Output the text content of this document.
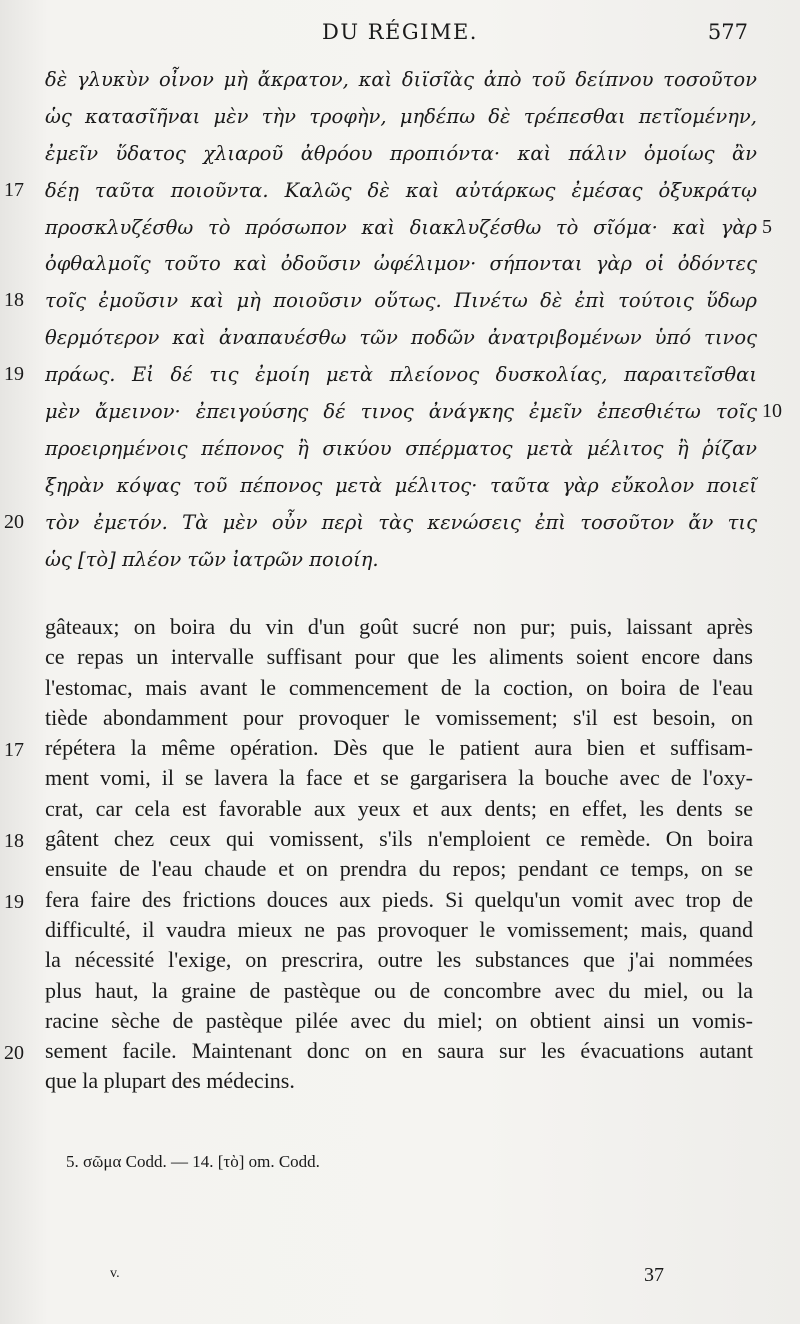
DU RÉGIME.	577
δὲ γλυκὺν οἶνον μὴ ἄκρατον, καὶ διϊσῖὰς ἀπὸ τοῦ δείπνου τοσοῦτον
ὡς κατασῖῆναι μὲν τὴν τροφὴν, μηδέπω δὲ τρέπεσθαι πετῖομένην,
ἐμεῖν ὕδατος χλιαροῦ ἀθρόου προπιόντα· καὶ πάλιν ὁμοίως ἂν
δέῃ ταῦτα ποιοῦντα. Καλῶς δὲ καὶ αὐτάρκως ἐμέσας ὀξυκράτῳ
προσκλυζέσθω τὸ πρόσωπον καὶ διακλυζέσθω τὸ σῖόμα· καὶ γὰρ
ὀφθαλμοῖς τοῦτο καὶ ὀδοῦσιν ὠφέλιμον· σήπονται γὰρ οἱ ὀδόντες
τοῖς ἐμοῦσιν καὶ μὴ ποιοῦσιν οὕτως. Πινέτω δὲ ἐπὶ τούτοις ὕδωρ
θερμότερον καὶ ἀναπαυέσθω τῶν ποδῶν ἀνατριβομένων ὑπό τινος
πράως. Εἰ δέ τις ἐμοίη μετὰ πλείονος δυσκολίας, παραιτεῖσθαι
μὲν ἄμεινον· ἐπειγούσης δέ τινος ἀνάγκης ἐμεῖν ἐπεσθιέτω τοῖς
προειρημένοις πέπονος ἢ σικύου σπέρματος μετὰ μέλιτος ἢ ῥίζαν
ξηρὰν κόψας τοῦ πέπονος μετὰ μέλιτος· ταῦτα γὰρ εὔκολον ποιεῖ
τὸν ἐμετόν. Τὰ μὲν οὖν περὶ τὰς κενώσεις ἐπὶ τοσοῦτον ἄν τις
ὡς [τὸ] πλέον τῶν ἰατρῶν ποιοίη.
gâteaux; on boira du vin d'un goût sucré non pur; puis, laissant après
ce repas un intervalle suffisant pour que les aliments soient encore dans
l'estomac, mais avant le commencement de la coction, on boira de l'eau
tiède abondamment pour provoquer le vomissement; s'il est besoin, on
répétera la même opération. Dès que le patient aura bien et suffisam-
ment vomi, il se lavera la face et se gargarisera la bouche avec de l'oxy-
crat, car cela est favorable aux yeux et aux dents; en effet, les dents se
gâtent chez ceux qui vomissent, s'ils n'emploient ce remède. On boira
ensuite de l'eau chaude et on prendra du repos; pendant ce temps, on se
fera faire des frictions douces aux pieds. Si quelqu'un vomit avec trop de
difficulté, il vaudra mieux ne pas provoquer le vomissement; mais, quand
la nécessité l'exige, on prescrira, outre les substances que j'ai nommées
plus haut, la graine de pastèque ou de concombre avec du miel, ou la
racine sèche de pastèque pilée avec du miel; on obtient ainsi un vomis-
sement facile. Maintenant donc on en saura sur les évacuations autant
que la plupart des médecins.
17
18
19
20
5
10
17
18
19
20
5. σῶμα Codd. — 14. [τὸ] om. Codd.
v.	37
